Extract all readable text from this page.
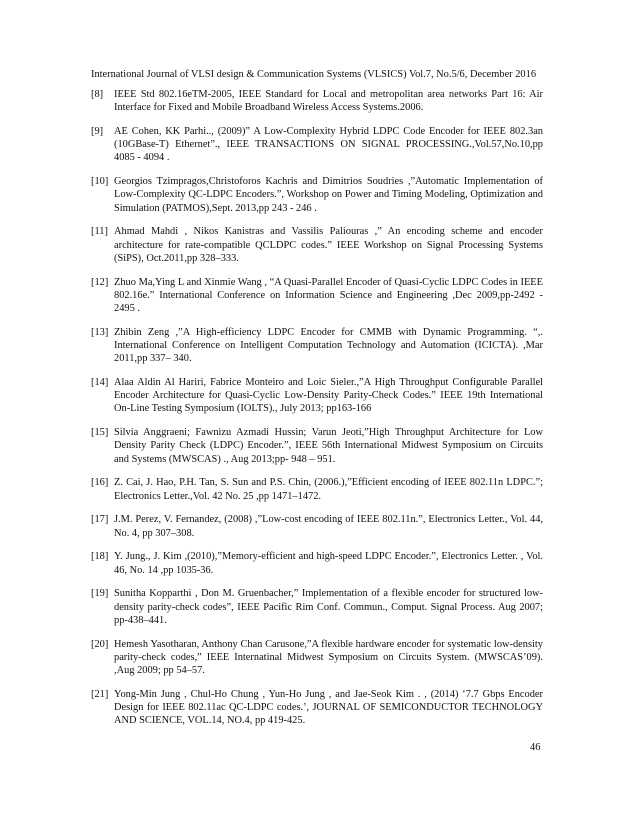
International Journal of VLSI design & Communication Systems (VLSICS) Vol.7, No.5/6, December 2016
[8]	IEEE Std 802.16eTM-2005, IEEE Standard for Local and metropolitan area networks Part 16: Air Interface for Fixed and Mobile Broadband Wireless Access Systems.2006.
[9]	AE Cohen, KK Parhi.., (2009)” A Low-Complexity Hybrid LDPC Code Encoder for IEEE 802.3an (10GBase-T) Ethernet”., IEEE TRANSACTIONS ON SIGNAL PROCESSING.,Vol.57,No.10,pp 4085 - 4094 .
[10] Georgios Tzimpragos,Christoforos Kachris and Dimitrios Soudries ,”Automatic Implementation of Low-Complexity QC-LDPC Encoders.”, Workshop on Power and Timing Modeling, Optimization and Simulation (PATMOS),Sept. 2013,pp 243 - 246 .
[11] Ahmad Mahdi , Nikos Kanistras and Vassilis Paliouras ,” An encoding scheme and encoder architecture for rate-compatible QCLDPC codes.” IEEE Workshop on Signal Processing Systems (SiPS), Oct.2011,pp 328–333.
[12] Zhuo Ma,Ying L and Xinmie Wang , “A Quasi-Parallel Encoder of Quasi-Cyclic LDPC Codes in IEEE 802.16e.” International Conference on Information Science and Engineering ,Dec 2009,pp-2492 - 2495 .
[13] Zhibin Zeng ,”A High-efficiency LDPC Encoder for CMMB with Dynamic Programming. “,. International Conference on Intelligent Computation Technology and Automation (ICICTA). ,Mar 2011,pp 337– 340.
[14] Alaa Aldin Al Hariri, Fabrice Monteiro and Loic Sieler.,”A High Throughput Configurable Parallel Encoder Architecture for Quasi-Cyclic Low-Density Parity-Check Codes.” IEEE 19th International On-Line Testing Symposium (IOLTS)., July 2013; pp163-166
[15] Silvia Anggraeni; Fawnizu Azmadi Hussin; Varun Jeoti,”High Throughput Architecture for Low Density Parity Check (LDPC) Encoder.”, IEEE 56th International Midwest Symposium on Circuits and Systems (MWSCAS) ., Aug 2013;pp- 948 – 951.
[16] Z. Cai, J. Hao, P.H. Tan, S. Sun and P.S. Chin, (2006.),”Efficient encoding of IEEE 802.11n LDPC.”; Electronics Letter.,Vol. 42 No. 25 ,pp 1471–1472.
[17] J.M. Perez, V. Fernandez, (2008) ,”Low-cost encoding of IEEE 802.11n.”, Electronics Letter., Vol. 44, No. 4, pp 307–308.
[18] Y. Jung., J. Kim ,(2010),”Memory-efficient and high-speed LDPC Encoder.”, Electronics Letter. , Vol. 46, No. 14 ,pp 1035-36.
[19] Sunitha Kopparthi , Don M. Gruenbacher,” Implementation of a flexible encoder for structured low-density parity-check codes”, IEEE Pacific Rim Conf. Commun., Comput. Signal Process. Aug 2007; pp-438–441.
[20] Hemesh Yasotharan, Anthony Chan Carusone,”A flexible hardware encoder for systematic low-density parity-check codes,” IEEE Internatinal Midwest Symposium on Circuits System. (MWSCAS’09). ,Aug 2009; pp 54–57.
[21] Yong-Min Jung , Chul-Ho Chung , Yun-Ho Jung , and Jae-Seok Kim . , (2014) ‘7.7 Gbps Encoder Design for IEEE 802.11ac QC-LDPC codes.’, JOURNAL OF SEMICONDUCTOR TECHNOLOGY AND SCIENCE, VOL.14, NO.4, pp 419-425.
46
